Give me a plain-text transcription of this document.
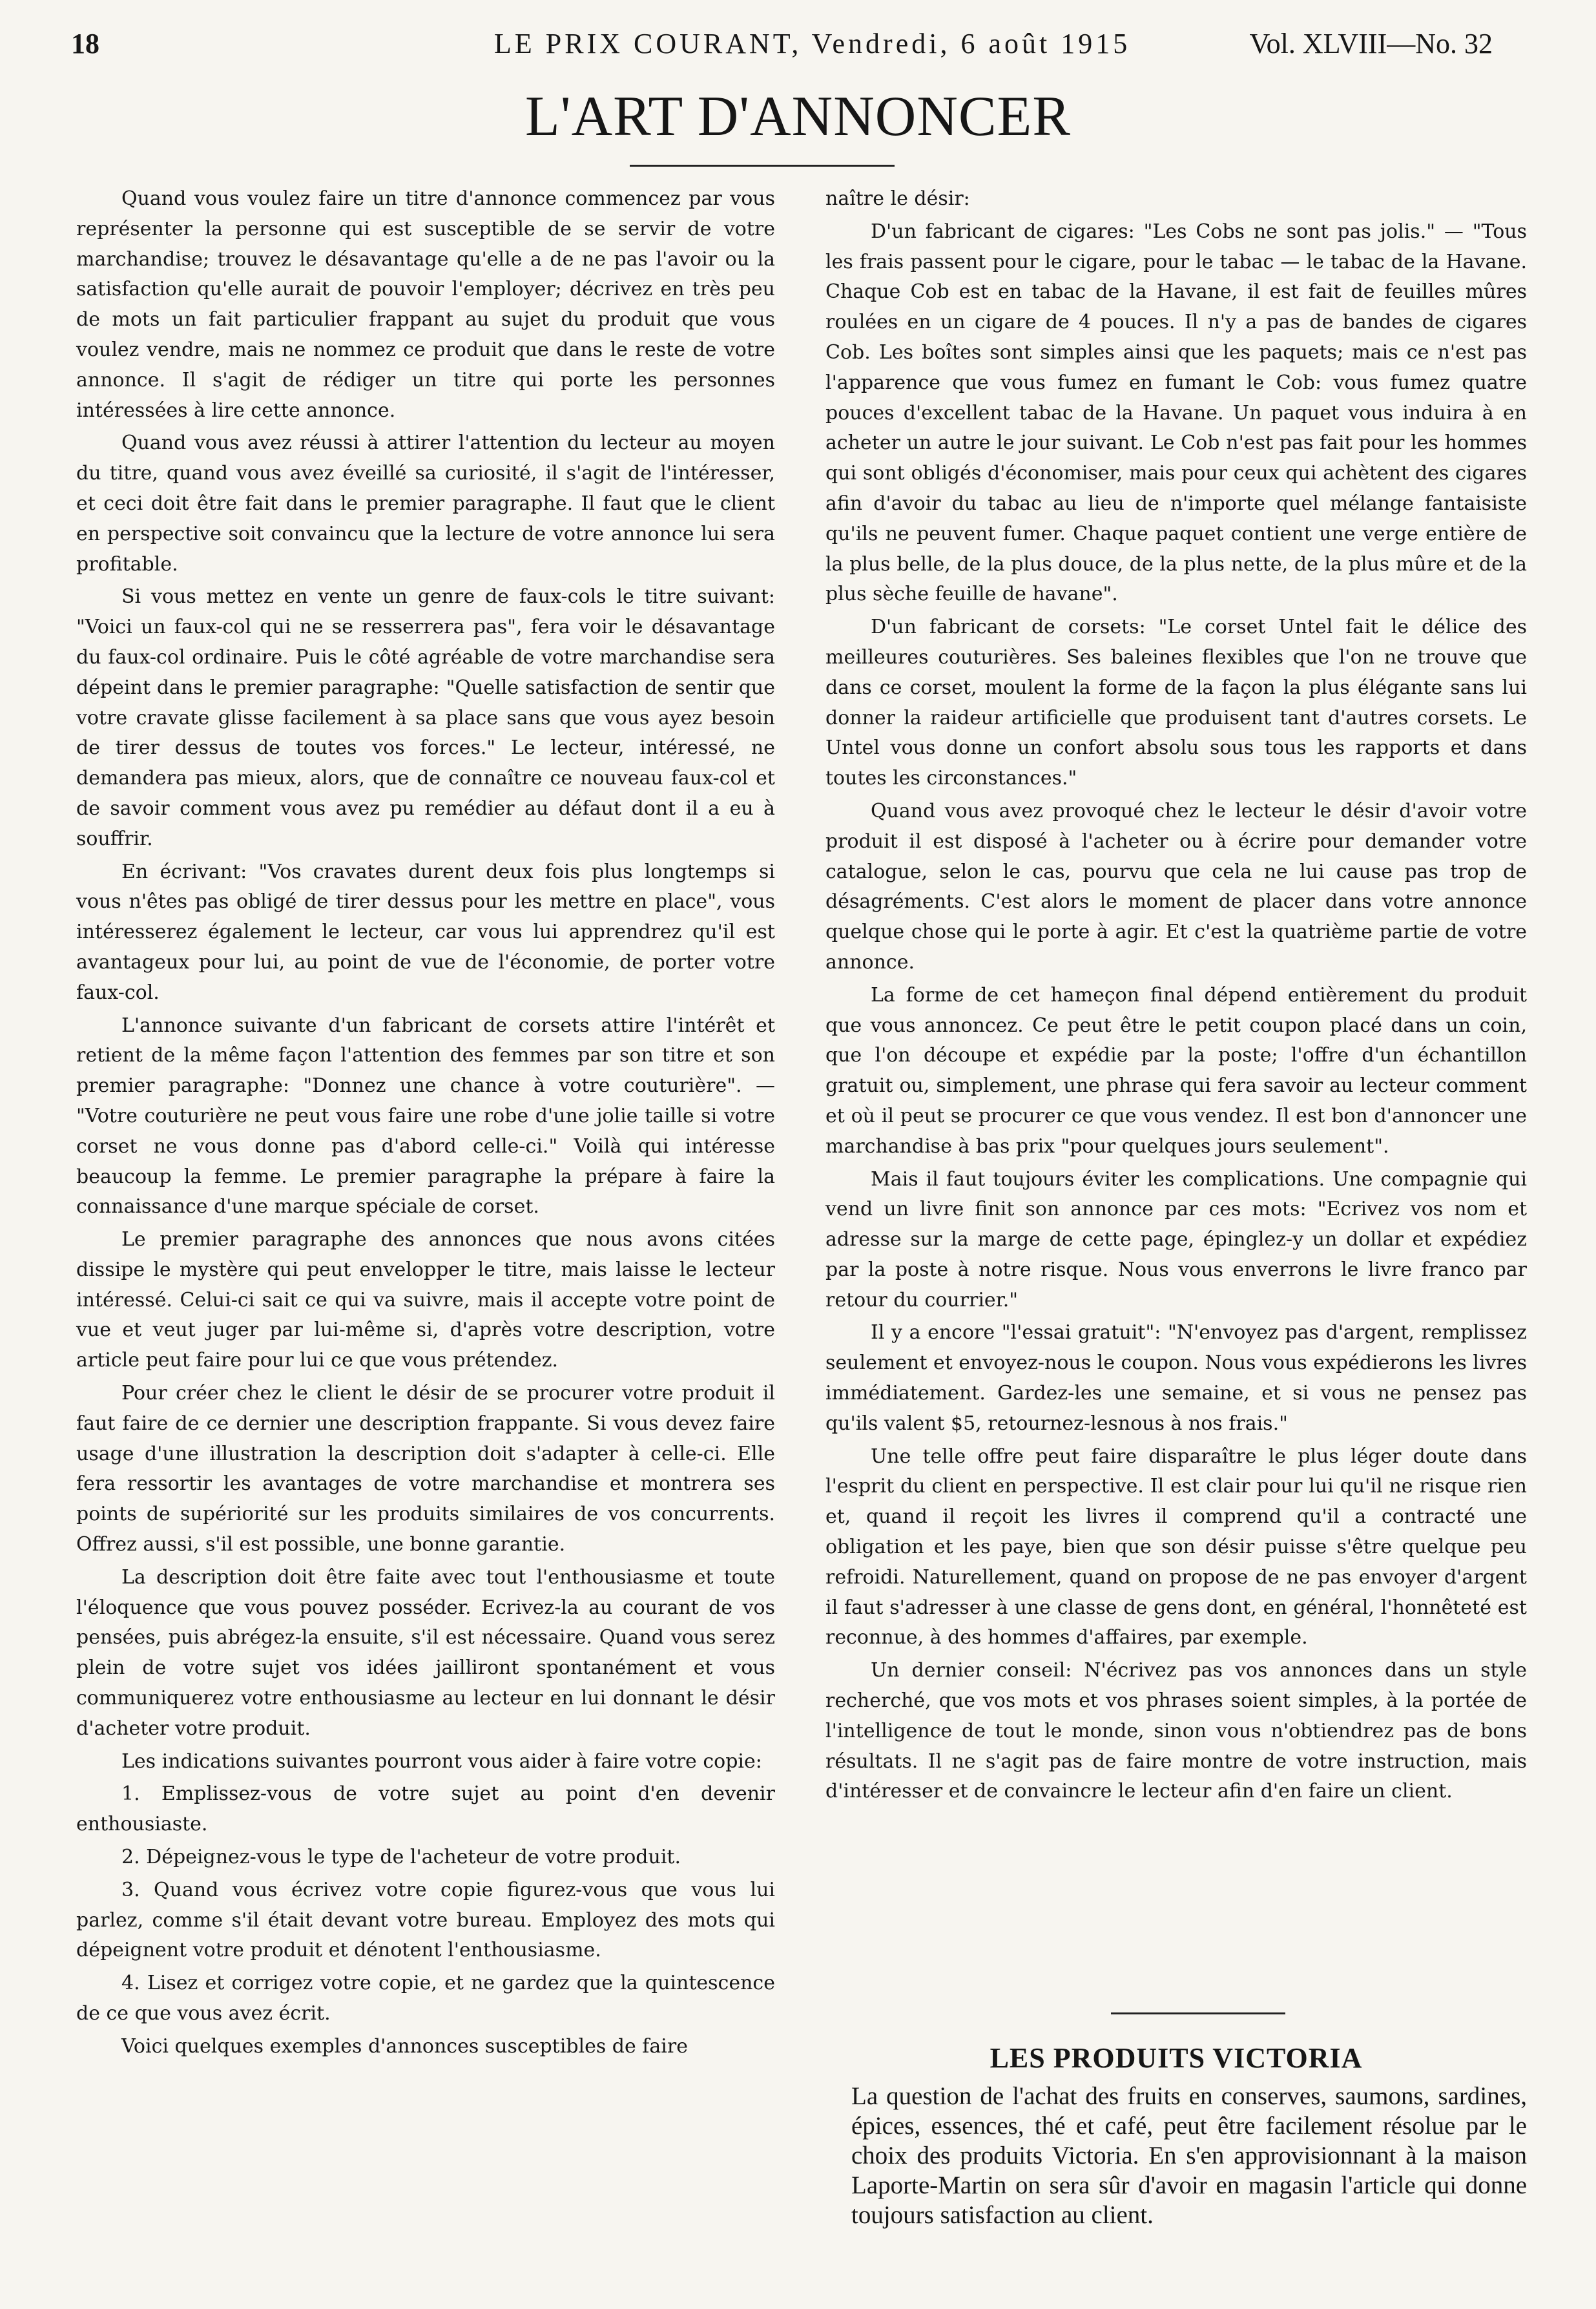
18	LE PRIX COURANT, Vendredi, 6 août 1915	Vol. XLVIII—No. 32
L'ART D'ANNONCER

Quand vous voulez faire un titre d'annonce commencez par vous représenter la personne qui est susceptible de se servir de votre marchandise; trouvez le désavantage qu'elle a de ne pas l'avoir ou la satisfaction qu'elle aurait de pouvoir l'employer; décrivez en très peu de mots un fait particulier frappant au sujet du produit que vous voulez vendre, mais ne nommez ce produit que dans le reste de votre annonce. Il s'agit de rédiger un titre qui porte les personnes intéressées à lire cette annonce.

Quand vous avez réussi à attirer l'attention du lecteur au moyen du titre, quand vous avez éveillé sa curiosité, il s'agit de l'intéresser, et ceci doit être fait dans le premier paragraphe. Il faut que le client en perspective soit convaincu que la lecture de votre annonce lui sera profitable.

Si vous mettez en vente un genre de faux-cols le titre suivant: "Voici un faux-col qui ne se resserrera pas", fera voir le désavantage du faux-col ordinaire. Puis le côté agréable de votre marchandise sera dépeint dans le premier paragraphe: "Quelle satisfaction de sentir que votre cravate glisse facilement à sa place sans que vous ayez besoin de tirer dessus de toutes vos forces." Le lecteur, intéressé, ne demandera pas mieux, alors, que de connaître ce nouveau faux-col et de savoir comment vous avez pu remédier au défaut dont il a eu à souffrir.

En écrivant: "Vos cravates durent deux fois plus longtemps si vous n'êtes pas obligé de tirer dessus pour les mettre en place", vous intéresserez également le lecteur, car vous lui apprendrez qu'il est avantageux pour lui, au point de vue de l'économie, de porter votre faux-col.

L'annonce suivante d'un fabricant de corsets attire l'intérêt et retient de la même façon l'attention des femmes par son titre et son premier paragraphe: "Donnez une chance à votre couturière". — "Votre couturière ne peut vous faire une robe d'une jolie taille si votre corset ne vous donne pas d'abord celle-ci." Voilà qui intéresse beaucoup la femme. Le premier paragraphe la prépare à faire la connaissance d'une marque spéciale de corset.

Le premier paragraphe des annonces que nous avons citées dissipe le mystère qui peut envelopper le titre, mais laisse le lecteur intéressé. Celui-ci sait ce qui va suivre, mais il accepte votre point de vue et veut juger par lui-même si, d'après votre description, votre article peut faire pour lui ce que vous prétendez.

Pour créer chez le client le désir de se procurer votre produit il faut faire de ce dernier une description frappante. Si vous devez faire usage d'une illustration la description doit s'adapter à celle-ci. Elle fera ressortir les avantages de votre marchandise et montrera ses points de supériorité sur les produits similaires de vos concurrents. Offrez aussi, s'il est possible, une bonne garantie.

La description doit être faite avec tout l'enthousiasme et toute l'éloquence que vous pouvez posséder. Ecrivez-la au courant de vos pensées, puis abrégez-la ensuite, s'il est nécessaire. Quand vous serez plein de votre sujet vos idées jailliront spontanément et vous communiquerez votre enthousiasme au lecteur en lui donnant le désir d'acheter votre produit.

Les indications suivantes pourront vous aider à faire votre copie:

1. Emplissez-vous de votre sujet au point d'en devenir enthousiaste.

2. Dépeignez-vous le type de l'acheteur de votre produit.

3. Quand vous écrivez votre copie figurez-vous que vous lui parlez, comme s'il était devant votre bureau. Employez des mots qui dépeignent votre produit et dénotent l'enthousiasme.

4. Lisez et corrigez votre copie, et ne gardez que la quintescence de ce que vous avez écrit.

Voici quelques exemples d'annonces susceptibles de faire

naître le désir:

D'un fabricant de cigares: "Les Cobs ne sont pas jolis." — "Tous les frais passent pour le cigare, pour le tabac — le tabac de la Havane. Chaque Cob est en tabac de la Havane, il est fait de feuilles mûres roulées en un cigare de 4 pouces. Il n'y a pas de bandes de cigares Cob. Les boîtes sont simples ainsi que les paquets; mais ce n'est pas l'apparence que vous fumez en fumant le Cob: vous fumez quatre pouces d'excellent tabac de la Havane. Un paquet vous induira à en acheter un autre le jour suivant. Le Cob n'est pas fait pour les hommes qui sont obligés d'économiser, mais pour ceux qui achètent des cigares afin d'avoir du tabac au lieu de n'importe quel mélange fantaisiste qu'ils ne peuvent fumer. Chaque paquet contient une verge entière de la plus belle, de la plus douce, de la plus nette, de la plus mûre et de la plus sèche feuille de havane".

D'un fabricant de corsets: "Le corset Untel fait le délice des meilleures couturières. Ses baleines flexibles que l'on ne trouve que dans ce corset, moulent la forme de la façon la plus élégante sans lui donner la raideur artificielle que produisent tant d'autres corsets. Le Untel vous donne un confort absolu sous tous les rapports et dans toutes les circonstances."

Quand vous avez provoqué chez le lecteur le désir d'avoir votre produit il est disposé à l'acheter ou à écrire pour demander votre catalogue, selon le cas, pourvu que cela ne lui cause pas trop de désagréments. C'est alors le moment de placer dans votre annonce quelque chose qui le porte à agir. Et c'est la quatrième partie de votre annonce.

La forme de cet hameçon final dépend entièrement du produit que vous annoncez. Ce peut être le petit coupon placé dans un coin, que l'on découpe et expédie par la poste; l'offre d'un échantillon gratuit ou, simplement, une phrase qui fera savoir au lecteur comment et où il peut se procurer ce que vous vendez. Il est bon d'annoncer une marchandise à bas prix "pour quelques jours seulement".

Mais il faut toujours éviter les complications. Une compagnie qui vend un livre finit son annonce par ces mots: "Ecrivez vos nom et adresse sur la marge de cette page, épinglez-y un dollar et expédiez par la poste à notre risque. Nous vous enverrons le livre franco par retour du courrier."

Il y a encore "l'essai gratuit": "N'envoyez pas d'argent, remplissez seulement et envoyez-nous le coupon. Nous vous expédierons les livres immédiatement. Gardez-les une semaine, et si vous ne pensez pas qu'ils valent $5, retournez-lesnous à nos frais."

Une telle offre peut faire disparaître le plus léger doute dans l'esprit du client en perspective. Il est clair pour lui qu'il ne risque rien et, quand il reçoit les livres il comprend qu'il a contracté une obligation et les paye, bien que son désir puisse s'être quelque peu refroidi. Naturellement, quand on propose de ne pas envoyer d'argent il faut s'adresser à une classe de gens dont, en général, l'honnêteté est reconnue, à des hommes d'affaires, par exemple.

Un dernier conseil: N'écrivez pas vos annonces dans un style recherché, que vos mots et vos phrases soient simples, à la portée de l'intelligence de tout le monde, sinon vous n'obtiendrez pas de bons résultats. Il ne s'agit pas de faire montre de votre instruction, mais d'intéresser et de convaincre le lecteur afin d'en faire un client.

LES PRODUITS VICTORIA

La question de l'achat des fruits en conserves, saumons, sardines, épices, essences, thé et café, peut être facilement résolue par le choix des produits Victoria. En s'en approvisionnant à la maison Laporte-Martin on sera sûr d'avoir en magasin l'article qui donne toujours satisfaction au client.
